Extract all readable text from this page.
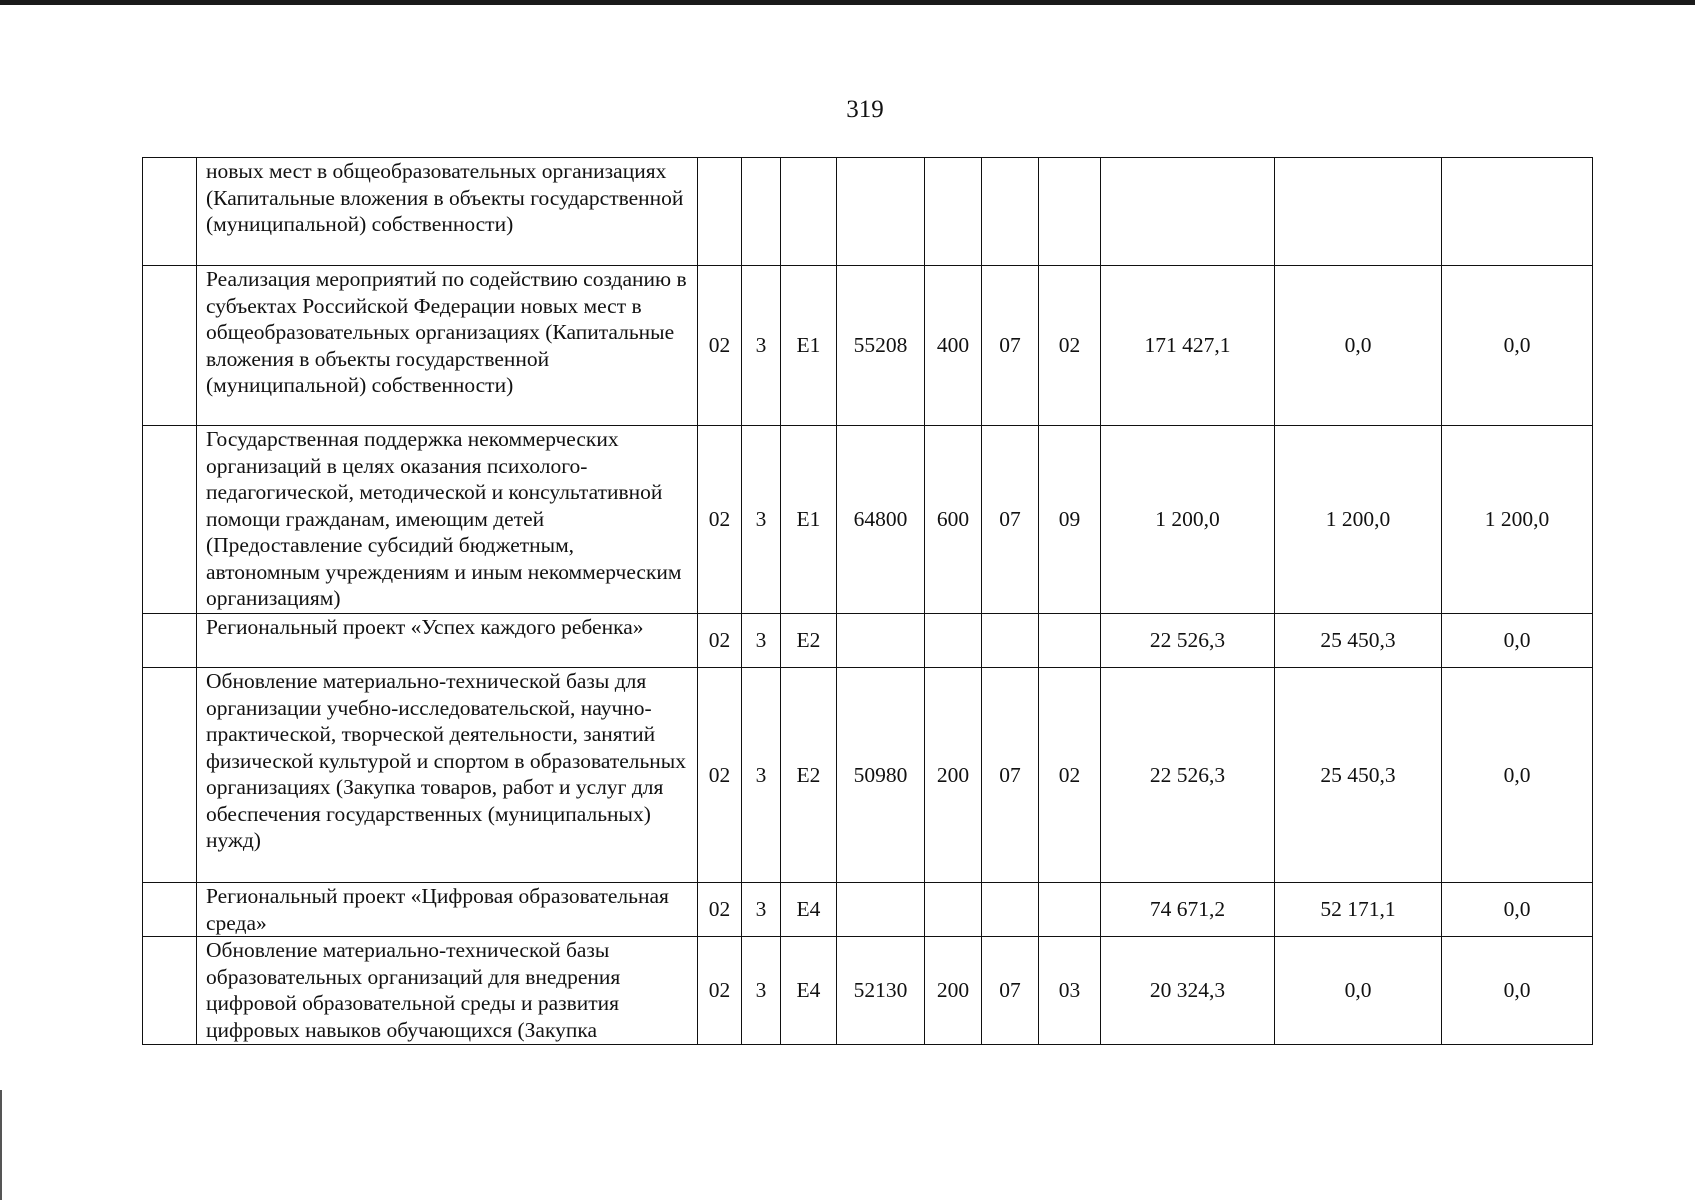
319
	новых мест в общеобразовательных организациях (Капитальные вложения в объекты государственной (муниципальной) собственности)										
	Реализация мероприятий по содействию созданию в субъектах Российской Федерации новых мест в общеобразовательных организациях (Капитальные вложения в объекты государственной (муниципальной) собственности)	02	3	Е1	55208	400	07	02	171 427,1	0,0	0,0
	Государственная поддержка некоммерческих организаций в целях оказания психолого-педагогической, методической и консультативной помощи гражданам, имеющим детей (Предоставление субсидий бюджетным, автономным учреждениям и иным некоммерческим организациям)	02	3	Е1	64800	600	07	09	1 200,0	1 200,0	1 200,0
	Региональный проект «Успех каждого ребенка»	02	3	Е2					22 526,3	25 450,3	0,0
	Обновление материально-технической базы для организации учебно-исследовательской, научно-практической, творческой деятельности, занятий физической культурой и спортом в образовательных организациях (Закупка товаров, работ и услуг для обеспечения государственных (муниципальных) нужд)	02	3	Е2	50980	200	07	02	22 526,3	25 450,3	0,0
	Региональный проект «Цифровая образовательная среда»	02	3	Е4					74 671,2	52 171,1	0,0
	Обновление материально-технической базы образовательных организаций для внедрения цифровой образовательной среды и развития цифровых навыков обучающихся (Закупка	02	3	Е4	52130	200	07	03	20 324,3	0,0	0,0
